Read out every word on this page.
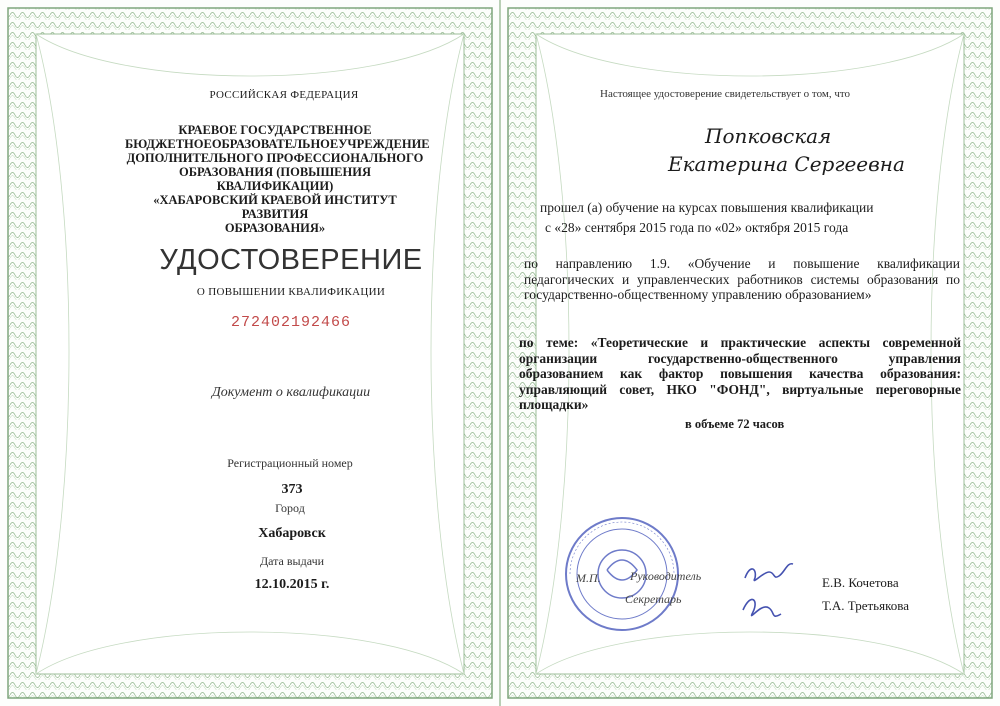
РОССИЙСКАЯ ФЕДЕРАЦИЯ
КРАЕВОЕ ГОСУДАРСТВЕННОЕ
БЮДЖЕТНОЕОБРАЗОВАТЕЛЬНОЕУЧРЕЖДЕНИЕ
ДОПОЛНИТЕЛЬНОГО ПРОФЕССИОНАЛЬНОГО
ОБРАЗОВАНИЯ (ПОВЫШЕНИЯ КВАЛИФИКАЦИИ)
«ХАБАРОВСКИЙ КРАЕВОЙ ИНСТИТУТ РАЗВИТИЯ
ОБРАЗОВАНИЯ»
УДОСТОВЕРЕНИЕ
О ПОВЫШЕНИИ КВАЛИФИКАЦИИ
272402192466
Документ о квалификации
Регистрационный номер
373
Город
Хабаровск
Дата выдачи
12.10.2015 г.
Настоящее удостоверение свидетельствует о том, что
Попковская
Екатерина Сергеевна
прошел (а) обучение на курсах повышения квалификации
с «28» сентября 2015 года по «02» октября 2015 года
по направлению 1.9. «Обучение и повышение квалификации
педагогических и управленческих работников системы образования по
государственно-общественному управлению образованием»
по теме: «Теоретические и практические аспекты современной
организации государственно-общественного управления
образованием как фактор повышения качества образования:
управляющий совет, НКО "ФОНД", виртуальные переговорные
площадки»
в объеме 72 часов
М.П. Руководитель
Секретарь
Е.В. Кочетова
Т.А. Третьякова
